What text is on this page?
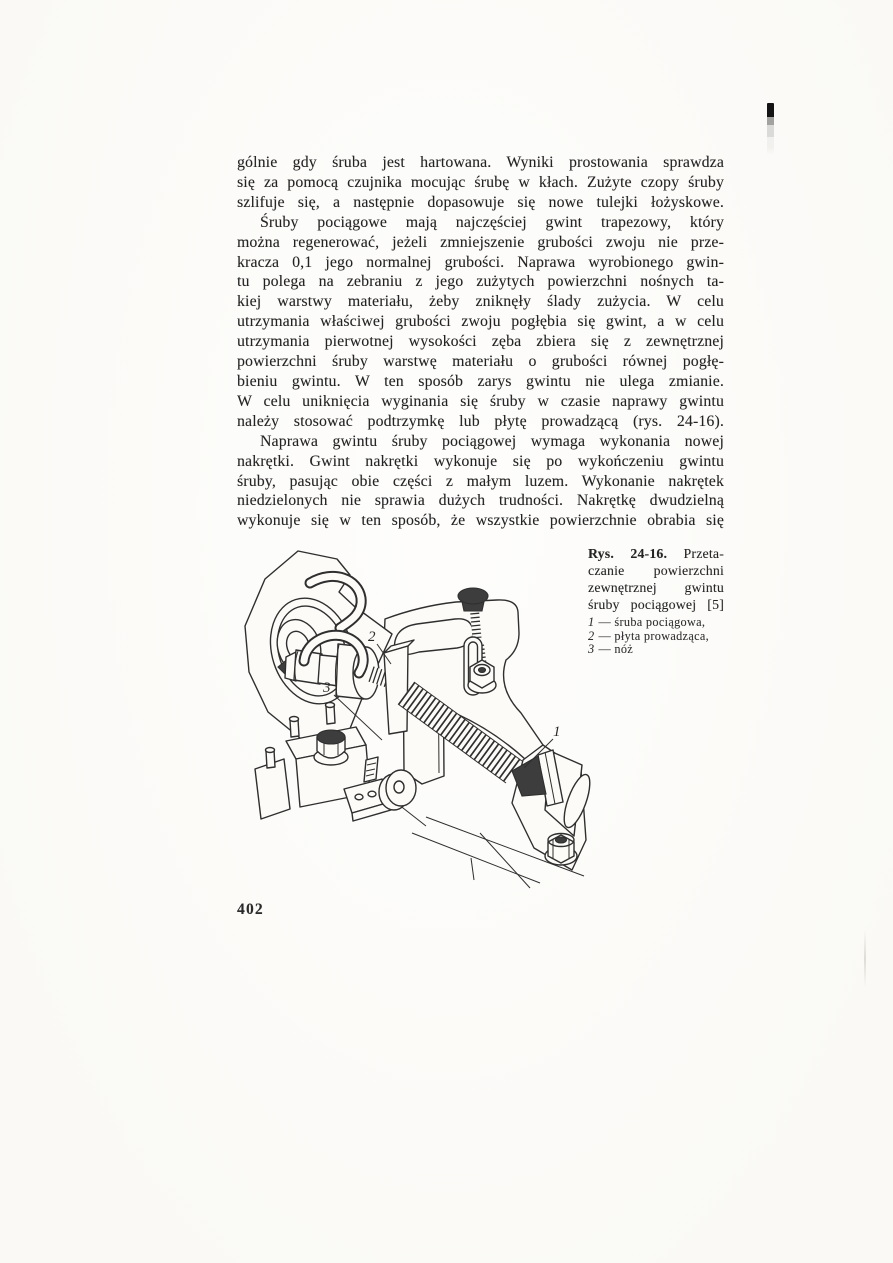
gólnie gdy śruba jest hartowana. Wyniki prostowania sprawdza
się za pomocą czujnika mocując śrubę w kłach. Zużyte czopy śruby
szlifuje się, a następnie dopasowuje się nowe tulejki łożyskowe.
Śruby pociągowe mają najczęściej gwint trapezowy, który
można regenerować, jeżeli zmniejszenie grubości zwoju nie prze-
kracza 0,1 jego normalnej grubości. Naprawa wyrobionego gwin-
tu polega na zebraniu z jego zużytych powierzchni nośnych ta-
kiej warstwy materiału, żeby zniknęły ślady zużycia. W celu
utrzymania właściwej grubości zwoju pogłębia się gwint, a w celu
utrzymania pierwotnej wysokości zęba zbiera się z zewnętrznej
powierzchni śruby warstwę materiału o grubości równej pogłę-
bieniu gwintu. W ten sposób zarys gwintu nie ulega zmianie.
W celu uniknięcia wyginania się śruby w czasie naprawy gwintu
należy stosować podtrzymkę lub płytę prowadzącą (rys. 24-16).
Naprawa gwintu śruby pociągowej wymaga wykonania nowej
nakrętki. Gwint nakrętki wykonuje się po wykończeniu gwintu
śruby, pasując obie części z małym luzem. Wykonanie nakrętek
niedzielonych nie sprawia dużych trudności. Nakrętkę dwudzielną
wykonuje się w ten sposób, że wszystkie powierzchnie obrabia się
2
3
1
Rys. 24-16. Przeta-
czanie powierzchni
zewnętrznej gwintu
śruby pociągowej [5]
1 — śruba pociągowa,
2 — płyta prowadząca,
3 — nóż
402
